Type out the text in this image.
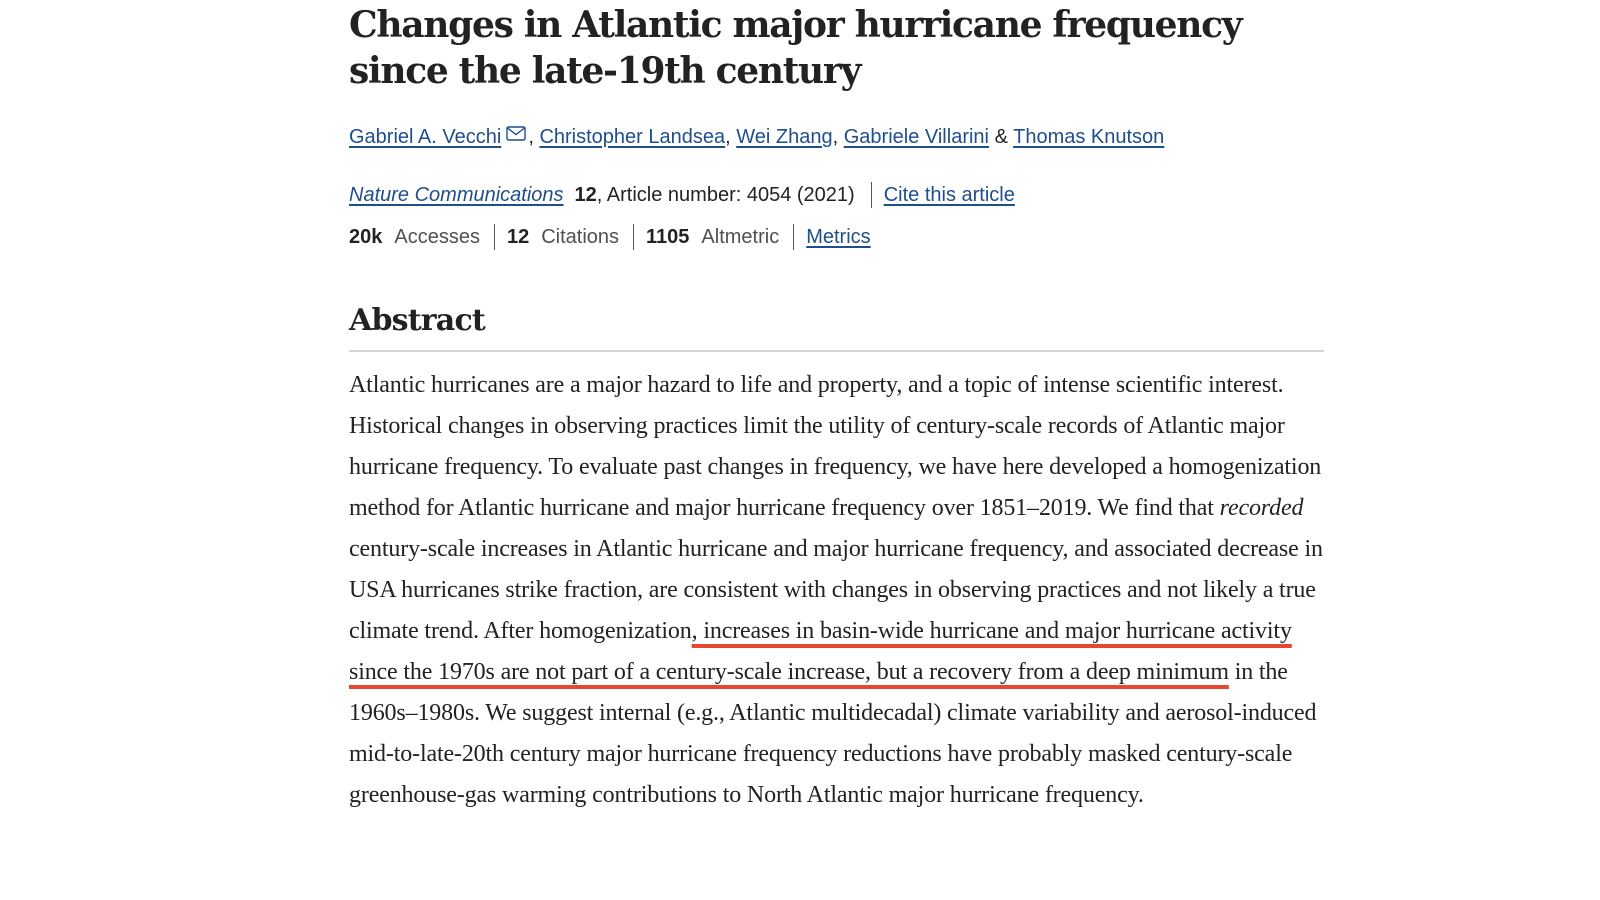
Changes in Atlantic major hurricane frequency since the late-19th century
Gabriel A. Vecchi , Christopher Landsea, Wei Zhang, Gabriele Villarini & Thomas Knutson
Nature Communications 12 , Article number: 4054 (2021) Cite this article
20k Accesses 12 Citations 1105 Altmetric Metrics
Abstract

Atlantic hurricanes are a major hazard to life and property, and a topic of intense scientific interest. Historical changes in observing practices limit the utility of century-scale records of Atlantic major hurricane frequency. To evaluate past changes in frequency, we have here developed a homogenization method for Atlantic hurricane and major hurricane frequency over 1851–2019. We find that recorded century-scale increases in Atlantic hurricane and major hurricane frequency, and associated decrease in USA hurricanes strike fraction, are consistent with changes in observing practices and not likely a true climate trend. After homogenization, increases in basin-wide hurricane and major hurricane activity since the 1970s are not part of a century-scale increase, but a recovery from a deep minimum in the 1960s–1980s. We suggest internal (e.g., Atlantic multidecadal) climate variability and aerosol-induced mid-to-late-20th century major hurricane frequency reductions have probably masked century-scale greenhouse-gas warming contributions to North Atlantic major hurricane frequency.
